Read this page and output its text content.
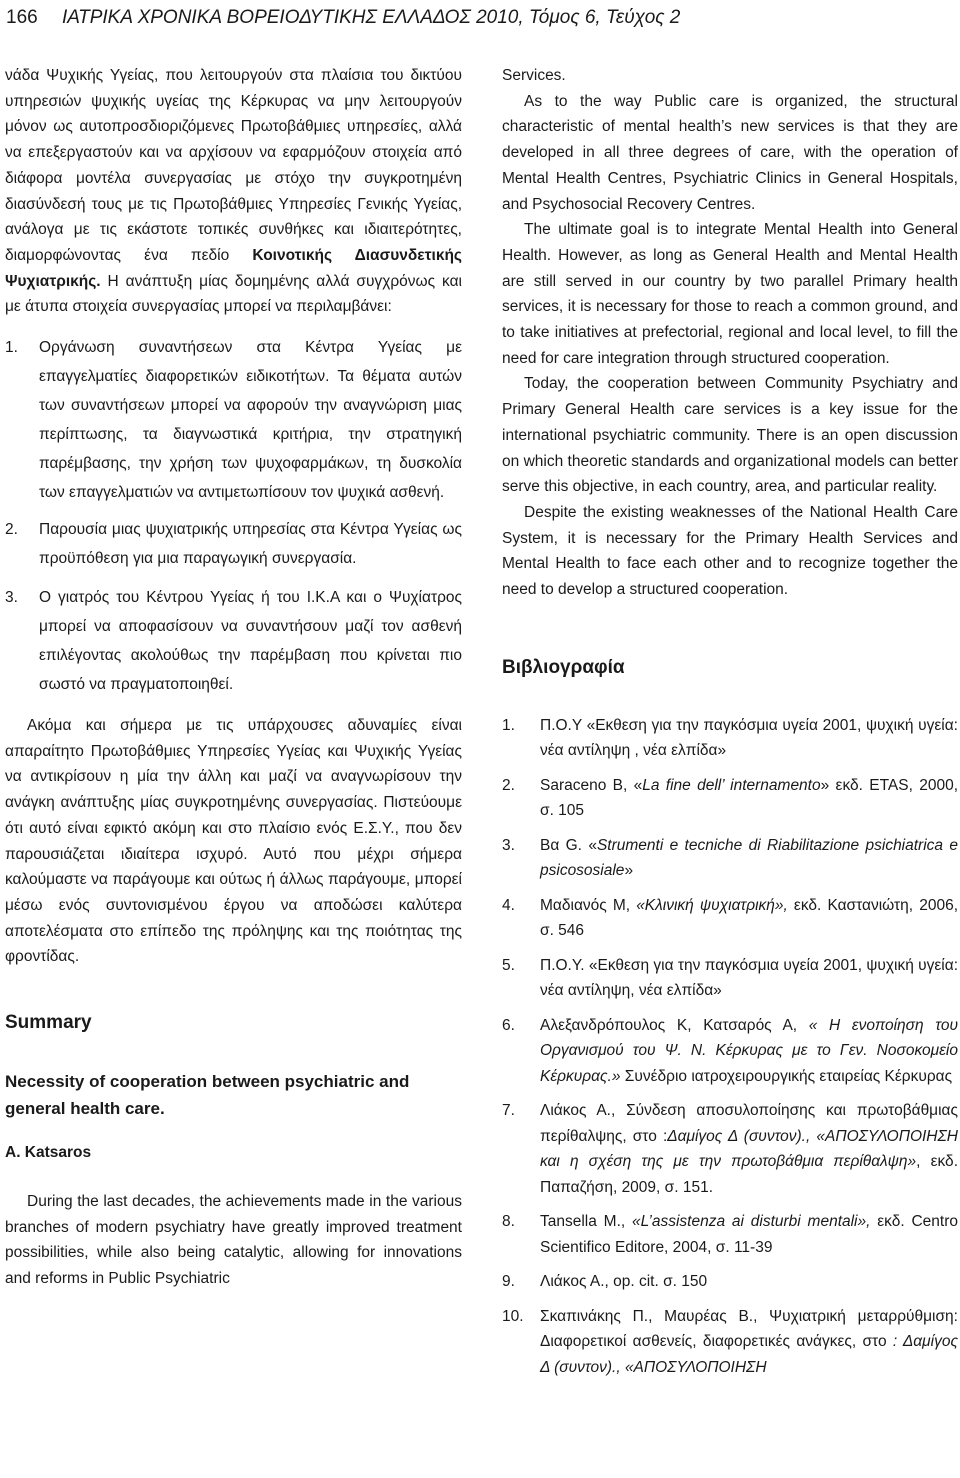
166 ΙΑΤΡΙΚΑ ΧΡΟΝΙΚΑ ΒΟΡΕΙΟΔΥΤΙΚΗΣ ΕΛΛΑΔΟΣ 2010, Τόμος 6, Τεύχος 2

νάδα Ψυχικής Υγείας, που λειτουργούν στα πλαίσια του δικτύου υπηρεσιών ψυχικής υγείας της Κέρκυρας να μην λειτουργούν μόνον ως αυτοπροσδιοριζόμενες Πρωτοβάθμιες υπηρεσίες, αλλά να επεξεργαστούν και να αρχίσουν να εφαρμόζουν στοιχεία από διάφορα μοντέλα συνεργασίας με στόχο την συγκροτημένη διασύνδεσή τους με τις Πρωτοβάθμιες Υπηρεσίες Γενικής Υγείας, ανάλογα με τις εκάστοτε τοπικές συνθήκες και ιδιαιτερότητες, διαμορφώνοντας ένα πεδίο Κοινοτικής Διασυνδετικής Ψυχιατρικής. Η ανάπτυξη μίας δομημένης αλλά συγχρόνως και με άτυπα στοιχεία συνεργασίας μπορεί να περιλαμβάνει:

1. Οργάνωση συναντήσεων στα Κέντρα Υγείας με επαγγελματίες διαφορετικών ειδικοτήτων. Τα θέματα αυτών των συναντήσεων μπορεί να αφορούν την αναγνώριση μιας περίπτωσης, τα διαγνωστικά κριτήρια, την στρατηγική παρέμβασης, την χρήση των ψυχοφαρμάκων, τη δυσκολία των επαγγελματιών να αντιμετωπίσουν τον ψυχικά ασθενή.
2. Παρουσία μιας ψυχιατρικής υπηρεσίας στα Κέντρα Υγείας ως προϋπόθεση για μια παραγωγική συνεργασία.
3. Ο γιατρός του Κέντρου Υγείας ή του Ι.Κ.Α και ο Ψυχίατρος μπορεί να αποφασίσουν να συναντήσουν μαζί τον ασθενή επιλέγοντας ακολούθως την παρέμβαση που κρίνεται πιο σωστό να πραγματοποιηθεί.

Ακόμα και σήμερα με τις υπάρχουσες αδυναμίες είναι απαραίτητο Πρωτοβάθμιες Υπηρεσίες Υγείας και Ψυχικής Υγείας να αντικρίσουν η μία την άλλη και μαζί να αναγνωρίσουν την ανάγκη ανάπτυξης μίας συγκροτημένης συνεργασίας. Πιστεύουμε ότι αυτό είναι εφικτό ακόμη και στο πλαίσιο ενός Ε.Σ.Υ., που δεν παρουσιάζεται ιδιαίτερα ισχυρό. Αυτό που μέχρι σήμερα καλούμαστε να παράγουμε και ούτως ή άλλως παράγουμε, μπορεί μέσω ενός συντονισμένου έργου να αποδώσει καλύτερα αποτελέσματα στο επίπεδο της πρόληψης και της ποιότητας της φροντίδας.

Summary
Necessity of cooperation between psychiatric and general health care.
A. Katsaros

During the last decades, the achievements made in the various branches of modern psychiatry have greatly improved treatment possibilities, while also being catalytic, allowing for innovations and reforms in Public Psychiatric

Services.

As to the way Public care is organized, the structural characteristic of mental health’s new services is that they are developed in all three degrees of care, with the operation of Mental Health Centres, Psychiatric Clinics in General Hospitals, and Psychosocial Recovery Centres.

The ultimate goal is to integrate Mental Health into General Health. However, as long as General Health and Mental Health are still served in our country by two parallel Primary health services, it is necessary for those to reach a common ground, and to take initiatives at prefectorial, regional and local level, to fill the need for care integration through structured cooperation.

Today, the cooperation between Community Psychiatry and Primary General Health care services is a key issue for the international psychiatric community. There is an open discussion on which theoretic standards and organizational models can better serve this objective, in each country, area, and particular reality.

Despite the existing weaknesses of the National Health Care System, it is necessary for the Primary Health Services and Mental Health to face each other and to recognize together the need to develop a structured cooperation.

Βιβλιογραφία
1. Π.Ο.Υ «Εκθεση για την παγκόσμια υγεία 2001, ψυχική υγεία: νέα αντίληψη , νέα ελπίδα»
2. Saraceno B, «La fine dell’ internamento» εκδ. ETAS, 2000, σ. 105
3. Βα G. «Strumenti e tecniche di Riabilitazione psichiatrica e psicososiale»
4. Μαδιανός Μ, «Κλινική ψυχιατρική», εκδ. Καστανιώτη, 2006, σ. 546
5. Π.Ο.Υ. «Εκθεση για την παγκόσμια υγεία 2001, ψυχική υγεία: νέα αντίληψη, νέα ελπίδα»
6. Αλεξανδρόπουλος Κ, Κατσαρός Α, « Η ενοποίηση του Οργανισμού του Ψ. Ν. Κέρκυρας με το Γεν. Νοσοκομείο Κέρκυρας.» Συνέδριο ιατροχειρουργικής εταιρείας Κέρκυρας
7. Λιάκος Α., Σύνδεση αποσυλοποίησης και πρωτοβάθμιας περίθαλψης, στο :Δαμίγος Δ (συντον)., «ΑΠΟΣΥΛΟΠΟΙΗΣΗ και η σχέση της με την πρωτοβάθμια περίθαλψη», εκδ. Παπαζήση, 2009, σ. 151.
8. Tansella M., «L’assistenza ai disturbi mentali», εκδ. Centro Scientifico Editore, 2004, σ. 11-39
9. Λιάκος Α., op. cit. σ. 150
10. Σκαπινάκης Π., Μαυρέας Β., Ψυχιατρική μεταρρύθμιση: Διαφορετικοί ασθενείς, διαφορετικές ανάγκες, στο : Δαμίγος Δ (συντον)., «ΑΠΟΣΥΛΟΠΟΙΗΣΗ
